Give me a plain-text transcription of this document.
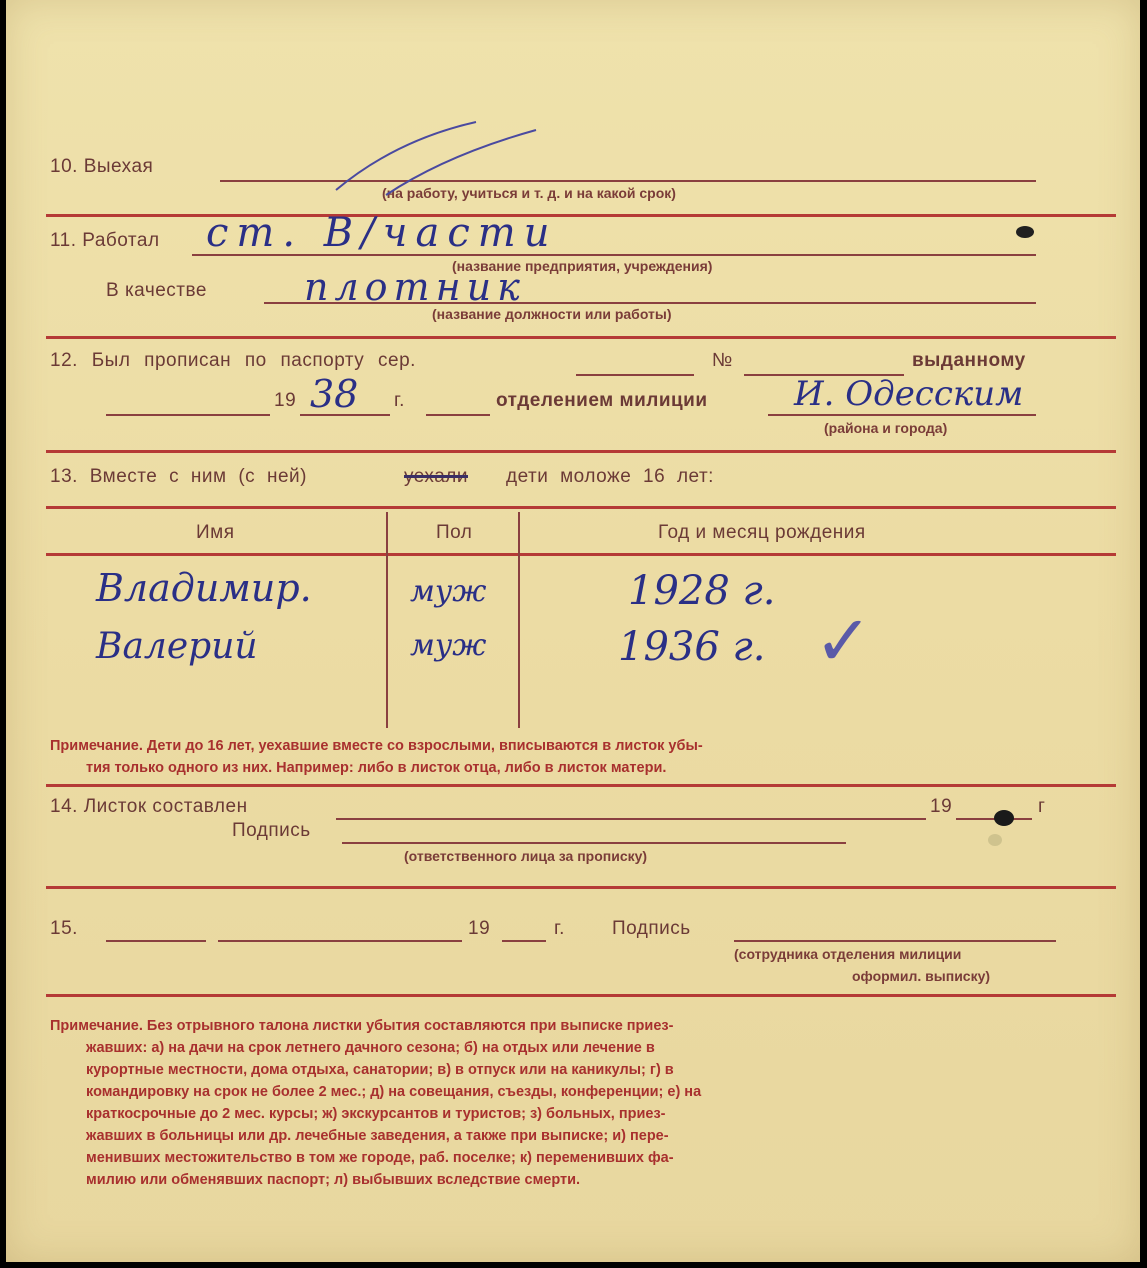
10. Выехая
(на работу, учиться и т. д. и на какой срок)
11. Работал ст. В/части
(название предприятия, учреждения)
В качестве	плотник
(название должности или работы)
12. Был прописан по паспорту сер.	№	выданному
19 38 г.	отделением милиции	И. Одесским
(района и города)
13. Вместе с ним (с ней)	уехали дети моложе 16 лет:
Имя	Пол	Год и месяц рождения
Владимир.	муж	1928 г.
Валерий	муж	1936 г. ✓
Примечание. Дети до 16 лет, уехавшие вместе со взрослыми, вписываются в листок убы-
тия только одного из них. Например: либо в листок отца, либо в листок матери.
14. Листок составлен	19	г
Подпись
(ответственного лица за прописку)
15.	19	г. Подпись
(сотрудника отделения милиции
оформил. выписку)
Примечание. Без отрывного талона листки убытия составляются при выписке приез-
жавших: а) на дачи на срок летнего дачного сезона; б) на отдых или лечение в
курортные местности, дома отдыха, санатории; в) в отпуск или на каникулы; г) в
командировку на срок не более 2 мес.; д) на совещания, съезды, конференции; е) на
краткосрочные до 2 мес. курсы; ж) экскурсантов и туристов; з) больных, приез-
жавших в больницы или др. лечебные заведения, а также при выписке; и) пере-
менивших местожительство в том же городе, раб. поселке; к) переменивших фа-
милию или обменявших паспорт; л) выбывших вследствие смерти.
